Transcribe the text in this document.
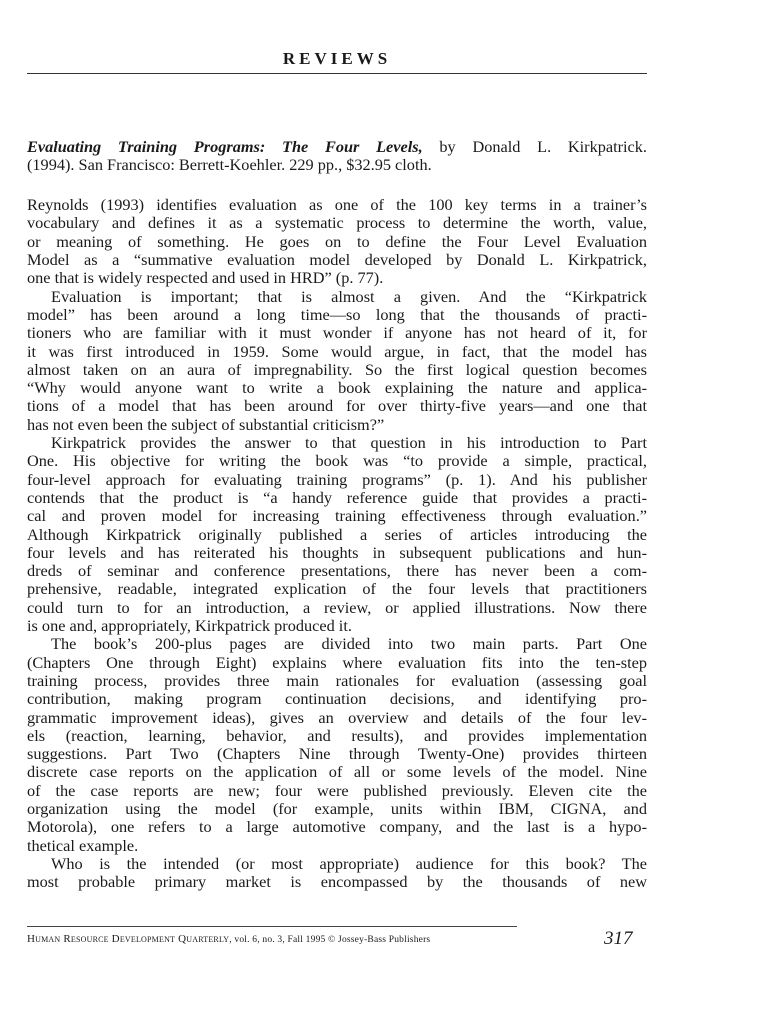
REVIEWS

Evaluating Training Programs: The Four Levels, by Donald L. Kirkpatrick.
(1994). San Francisco: Berrett-Koehler. 229 pp., $32.95 cloth.

Reynolds (1993) identifies evaluation as one of the 100 key terms in a trainer’s
vocabulary and defines it as a systematic process to determine the worth, value,
or meaning of something. He goes on to define the Four Level Evaluation
Model as a “summative evaluation model developed by Donald L. Kirkpatrick,
one that is widely respected and used in HRD” (p. 77).

Evaluation is important; that is almost a given. And the “Kirkpatrick
model” has been around a long time—so long that the thousands of practi-
tioners who are familiar with it must wonder if anyone has not heard of it, for
it was first introduced in 1959. Some would argue, in fact, that the model has
almost taken on an aura of impregnability. So the first logical question becomes
“Why would anyone want to write a book explaining the nature and applica-
tions of a model that has been around for over thirty-five years—and one that
has not even been the subject of substantial criticism?”

Kirkpatrick provides the answer to that question in his introduction to Part
One. His objective for writing the book was “to provide a simple, practical,
four-level approach for evaluating training programs” (p. 1). And his publisher
contends that the product is “a handy reference guide that provides a practi-
cal and proven model for increasing training effectiveness through evaluation.”
Although Kirkpatrick originally published a series of articles introducing the
four levels and has reiterated his thoughts in subsequent publications and hun-
dreds of seminar and conference presentations, there has never been a com-
prehensive, readable, integrated explication of the four levels that practitioners
could turn to for an introduction, a review, or applied illustrations. Now there
is one and, appropriately, Kirkpatrick produced it.

The book’s 200-plus pages are divided into two main parts. Part One
(Chapters One through Eight) explains where evaluation fits into the ten-step
training process, provides three main rationales for evaluation (assessing goal
contribution, making program continuation decisions, and identifying pro-
grammatic improvement ideas), gives an overview and details of the four lev-
els (reaction, learning, behavior, and results), and provides implementation
suggestions. Part Two (Chapters Nine through Twenty-One) provides thirteen
discrete case reports on the application of all or some levels of the model. Nine
of the case reports are new; four were published previously. Eleven cite the
organization using the model (for example, units within IBM, CIGNA, and
Motorola), one refers to a large automotive company, and the last is a hypo-
thetical example.

Who is the intended (or most appropriate) audience for this book? The
most probable primary market is encompassed by the thousands of new

Human Resource Development Quarterly, vol. 6, no. 3, Fall 1995 © Jossey-Bass Publishers	317
